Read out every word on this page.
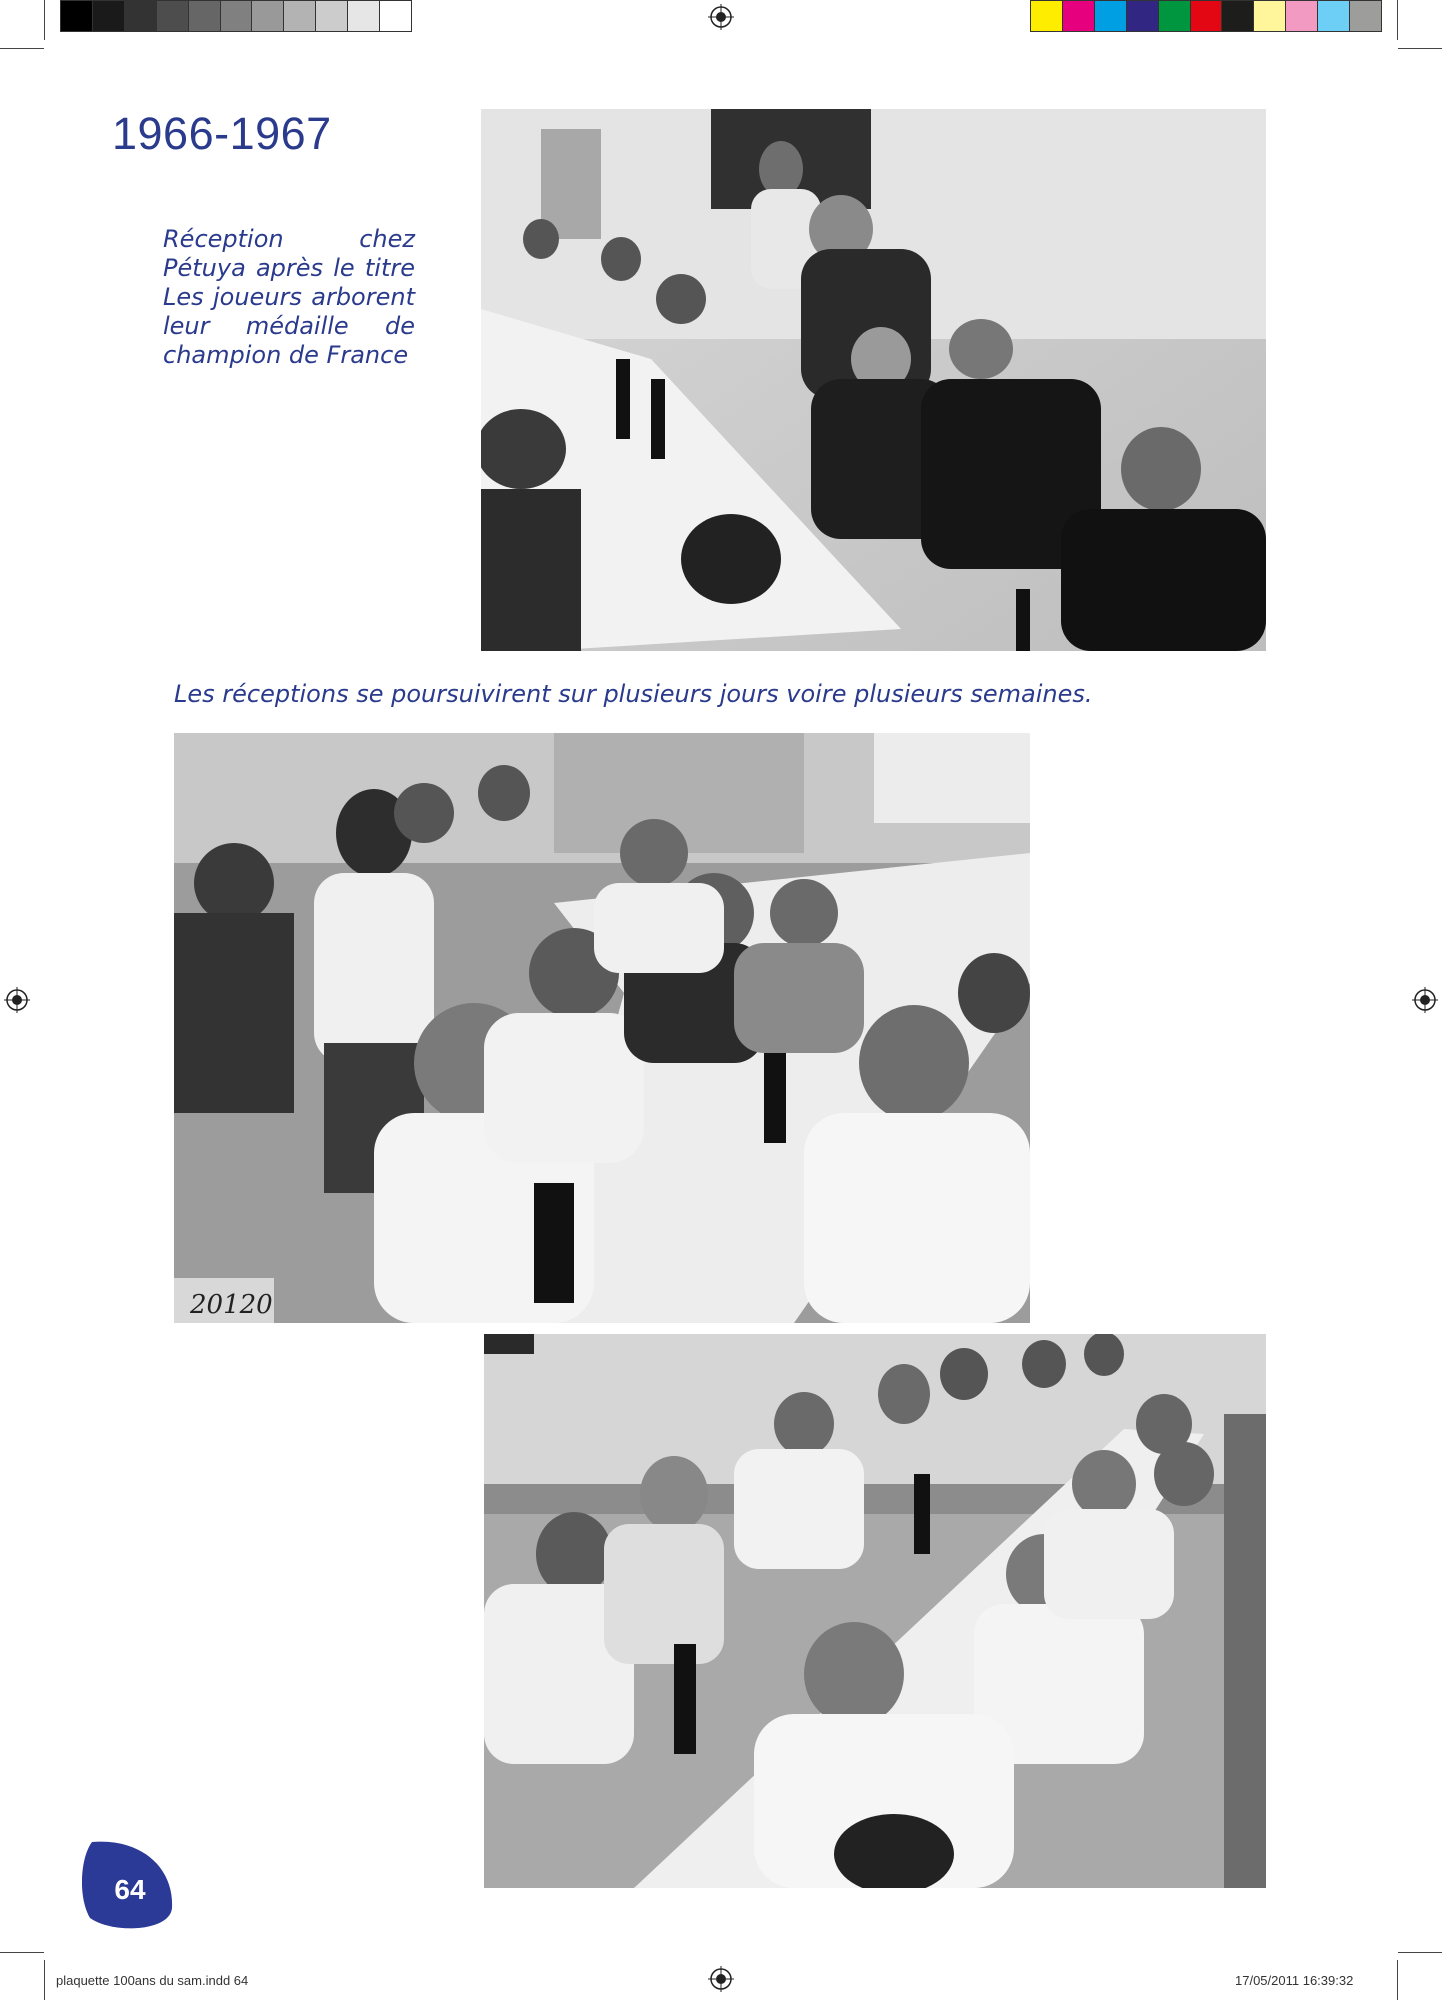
1966-1967
Réception chez
Pétuya après le titre
Les joueurs arborent
leur médaille de
champion de France
Les réceptions se poursuivirent sur plusieurs jours voire plusieurs semaines.
20120
64
plaquette 100ans du sam.indd 64	17/05/2011 16:39:32
